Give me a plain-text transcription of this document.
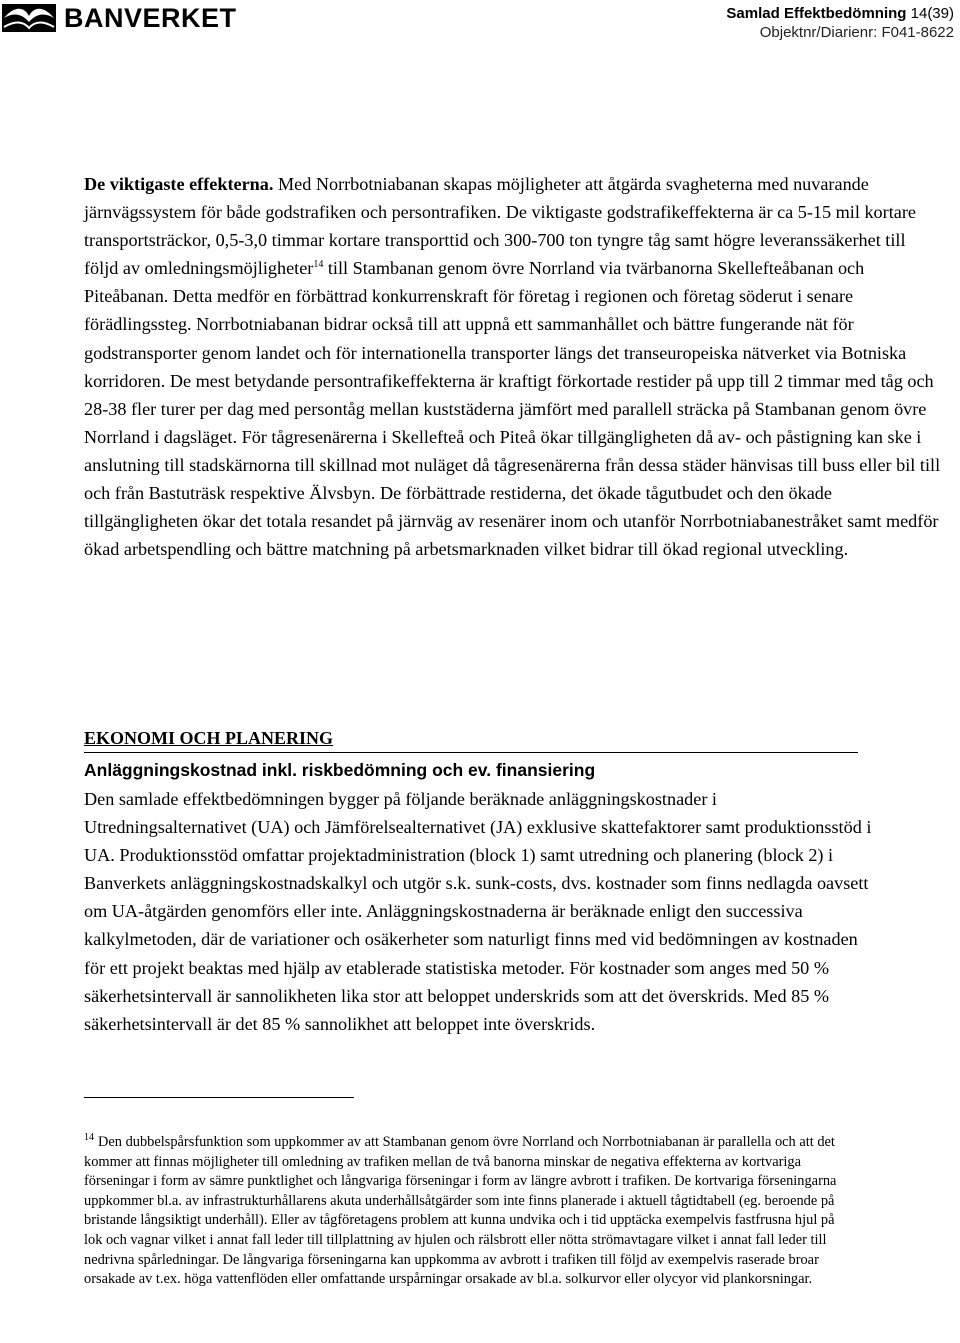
BANVERKET	Samlad Effektbedömning 14(39)
Objektnr/Diarienr: F041-8622

De viktigaste effekterna. Med Norrbotniabanan skapas möjligheter att åtgärda svagheterna med nuvarande järnvägssystem för både godstrafiken och persontrafiken. De viktigaste godstrafikeffekterna är ca 5-15 mil kortare transportsträckor, 0,5-3,0 timmar kortare transporttid och 300-700 ton tyngre tåg samt högre leveranssäkerhet till följd av omledningsmöjligheter$^{14}$ till Stambanan genom övre Norrland via tvärbanorna Skellefteåbanan och Piteåbanan. Detta medför en förbättrad konkurrenskraft för företag i regionen och företag söderut i senare förädlingssteg. Norrbotniabanan bidrar också till att uppnå ett sammanhållet och bättre fungerande nät för godstransporter genom landet och för internationella transporter längs det transeuropeiska nätverket via Botniska korridoren. De mest betydande persontrafikeffekterna är kraftigt förkortade restider på upp till 2 timmar med tåg och 28-38 fler turer per dag med persontåg mellan kuststäderna jämfört med parallell sträcka på Stambanan genom övre Norrland i dagsläget. För tågresenärerna i Skellefteå och Piteå ökar tillgängligheten då av- och påstigning kan ske i anslutning till stadskärnorna till skillnad mot nuläget då tågresenärerna från dessa städer hänvisas till buss eller bil till och från Bastuträsk respektive Älvsbyn. De förbättrade restiderna, det ökade tågutbudet och den ökade tillgängligheten ökar det totala resandet på järnväg av resenärer inom och utanför Norrbotniabanestråket samt medför ökad arbetspendling och bättre matchning på arbetsmarknaden vilket bidrar till ökad regional utveckling.

EKONOMI OCH PLANERING
Anläggningskostnad inkl. riskbedömning och ev. finansiering

Den samlade effektbedömningen bygger på följande beräknade anläggningskostnader i Utredningsalternativet (UA) och Jämförelsealternativet (JA) exklusive skattefaktorer samt produktionsstöd i UA. Produktionsstöd omfattar projektadministration (block 1) samt utredning och planering (block 2) i Banverkets anläggningskostnadskalkyl och utgör s.k. sunk-costs, dvs. kostnader som finns nedlagda oavsett om UA-åtgärden genomförs eller inte. Anläggningskostnaderna är beräknade enligt den successiva kalkylmetoden, där de variationer och osäkerheter som naturligt finns med vid bedömningen av kostnaden för ett projekt beaktas med hjälp av etablerade statistiska metoder. För kostnader som anges med 50 % säkerhetsintervall är sannolikheten lika stor att beloppet underskrids som att det överskrids. Med 85 % säkerhetsintervall är det 85 % sannolikhet att beloppet inte överskrids.

$^{14}$ Den dubbelspårsfunktion som uppkommer av att Stambanan genom övre Norrland och Norrbotniabanan är parallella och att det kommer att finnas möjligheter till omledning av trafiken mellan de två banorna minskar de negativa effekterna av kortvariga förseningar i form av sämre punktlighet och långvariga förseningar i form av längre avbrott i trafiken. De kortvariga förseningarna uppkommer bl.a. av infrastrukturhållarens akuta underhållsåtgärder som inte finns planerade i aktuell tågtidtabell (eg. beroende på bristande långsiktigt underhåll). Eller av tågföretagens problem att kunna undvika och i tid upptäcka exempelvis fastfrusna hjul på lok och vagnar vilket i annat fall leder till tillplattning av hjulen och rälsbrott eller nötta strömavtagare vilket i annat fall leder till nedrivna spårledningar. De långvariga förseningarna kan uppkomma av avbrott i trafiken till följd av exempelvis raserade broar orsakade av t.ex. höga vattenflöden eller omfattande urspårningar orsakade av bl.a. solkurvor eller olycyor vid plankorsningar.
